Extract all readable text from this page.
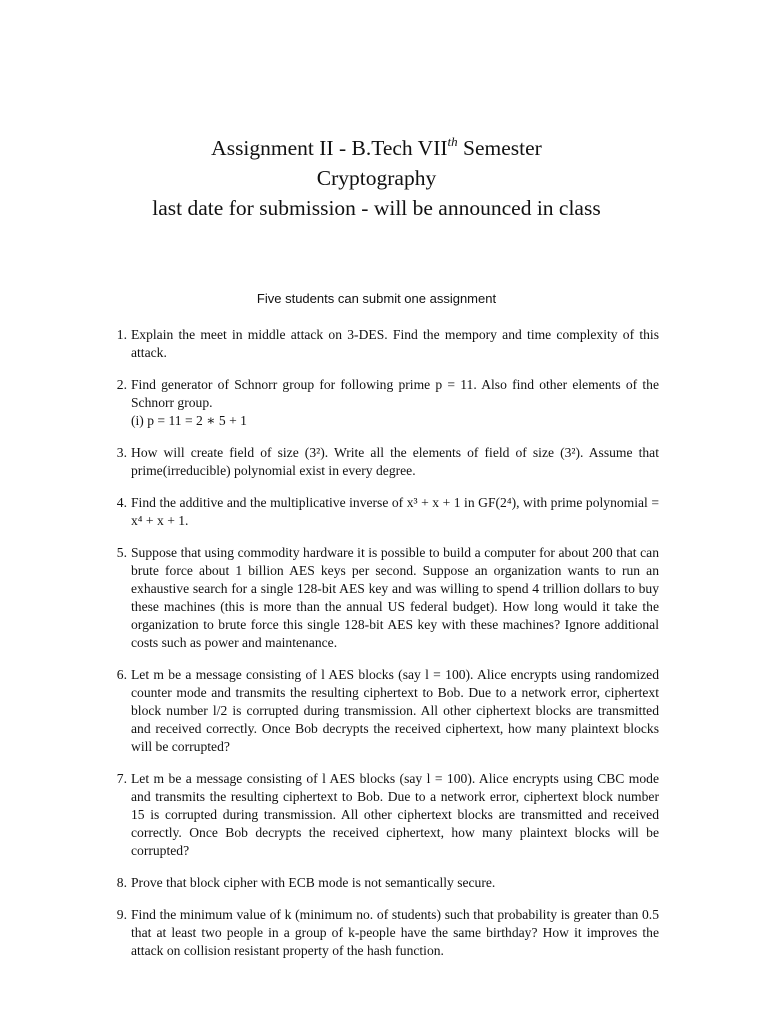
Assignment II - B.Tech VIIth Semester
Cryptography
last date for submission - will be announced in class
Five students can submit one assignment
1. Explain the meet in middle attack on 3-DES. Find the mempory and time complexity of this attack.
2. Find generator of Schnorr group for following prime p = 11. Also find other elements of the Schnorr group.
(i) p = 11 = 2 ∗ 5 + 1
3. How will create field of size (3²). Write all the elements of field of size (3²). Assume that prime(irreducible) polynomial exist in every degree.
4. Find the additive and the multiplicative inverse of x³ + x + 1 in GF(2⁴), with prime polynomial = x⁴ + x + 1.
5. Suppose that using commodity hardware it is possible to build a computer for about 200 that can brute force about 1 billion AES keys per second. Suppose an organization wants to run an exhaustive search for a single 128-bit AES key and was willing to spend 4 trillion dollars to buy these machines (this is more than the annual US federal budget). How long would it take the organization to brute force this single 128-bit AES key with these machines? Ignore additional costs such as power and maintenance.
6. Let m be a message consisting of l AES blocks (say l = 100). Alice encrypts using randomized counter mode and transmits the resulting ciphertext to Bob. Due to a network error, ciphertext block number l/2 is corrupted during transmission. All other ciphertext blocks are transmitted and received correctly. Once Bob decrypts the received ciphertext, how many plaintext blocks will be corrupted?
7. Let m be a message consisting of l AES blocks (say l = 100). Alice encrypts using CBC mode and transmits the resulting ciphertext to Bob. Due to a network error, ciphertext block number 15 is corrupted during transmission. All other ciphertext blocks are transmitted and received correctly. Once Bob decrypts the received ciphertext, how many plaintext blocks will be corrupted?
8. Prove that block cipher with ECB mode is not semantically secure.
9. Find the minimum value of k (minimum no. of students) such that probability is greater than 0.5 that at least two people in a group of k-people have the same birthday? How it improves the attack on collision resistant property of the hash function.
